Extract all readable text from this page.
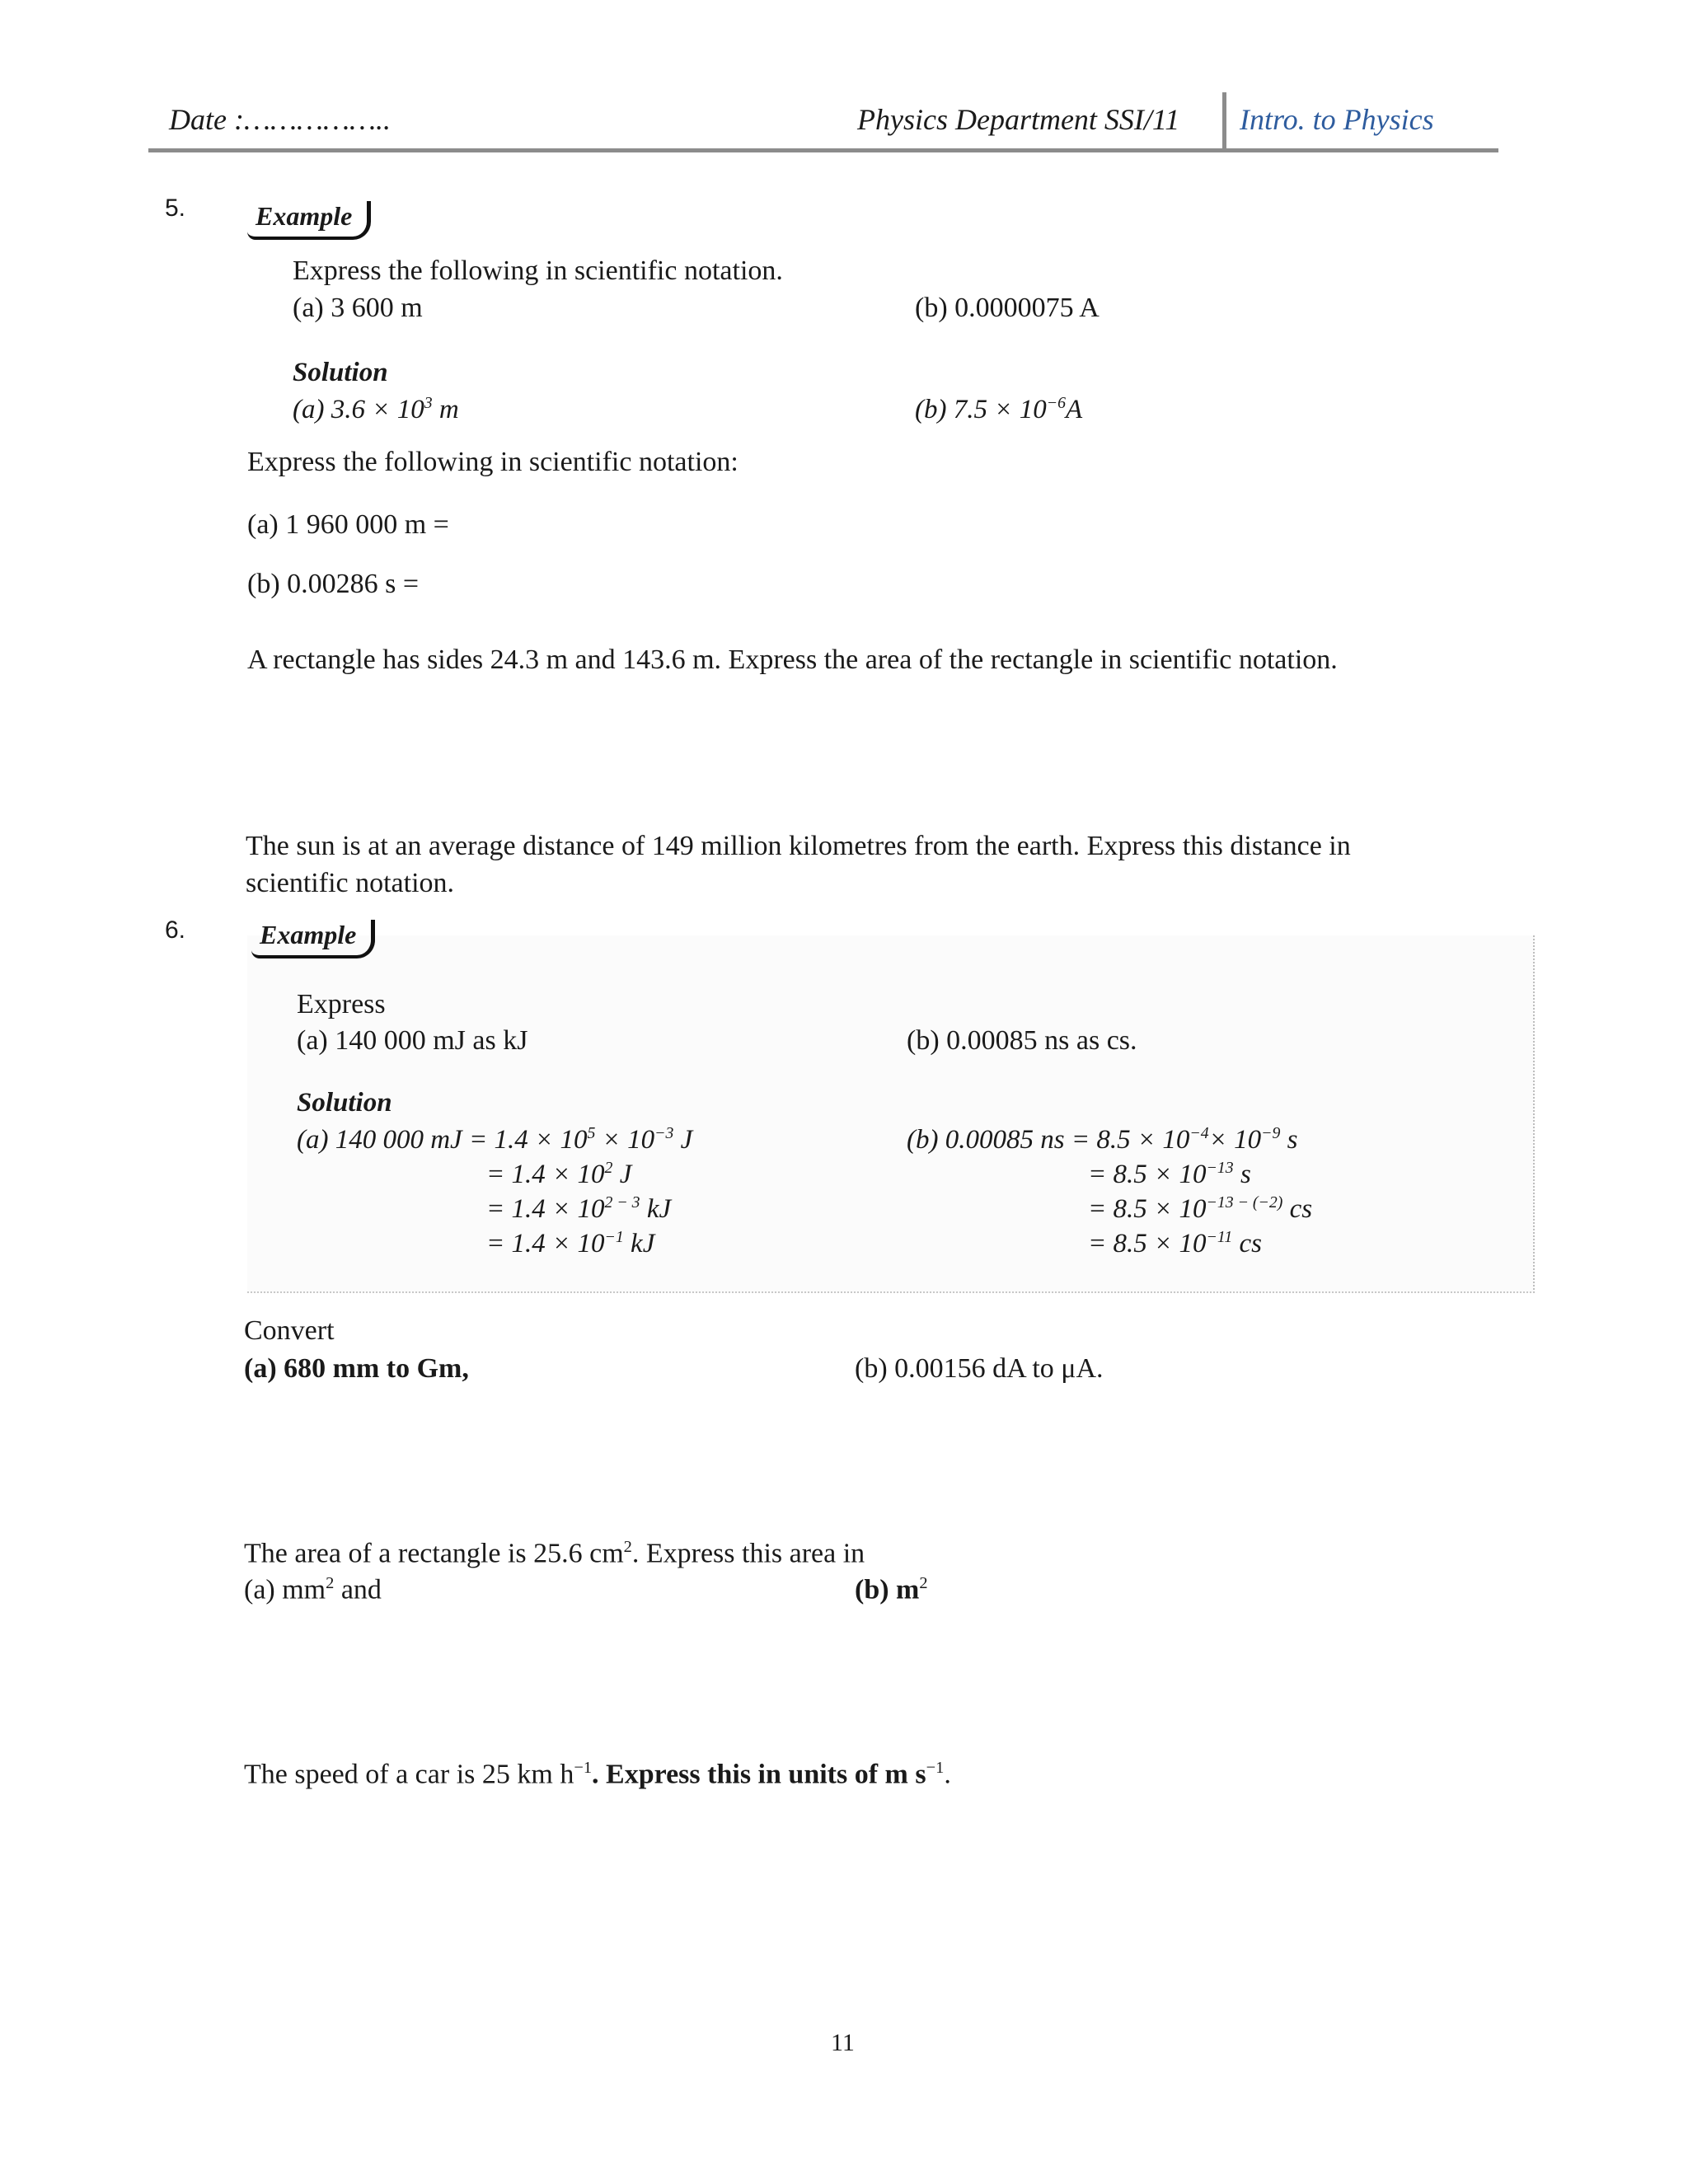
Date :……………..	Physics Department SSI/11 Intro. to Physics
5.	Example
Express the following in scientific notation.
(a) 3 600 m	(b) 0.0000075 A
Solution
(a) $3.6 \times 10^3$ m	(b) $7.5 \times 10^{-6}A$
Express the following in scientific notation:
(a) 1 960 000 m =
(b) 0.00286 s =
A rectangle has sides 24.3 m and 143.6 m. Express the area of the rectangle in scientific notation.
The sun is at an average distance of 149 million kilometres from the earth. Express this distance in
scientific notation.
6.	Example
Express
(a) 140 000 mJ as kJ	(b) 0.00085 ns as cs.
Solution
(a) 140 000 mJ = $1.4 \times 10^5 \times 10^{-3}$ J
= $1.4 \times 10^2$ J
= $1.4 \times 10^{2 - 3}$ kJ
= $1.4 \times 10^{-1}$ kJ
(b) 0.00085 ns = $8.5 \times 10^{-4}\times 10^{-9}$ s
= $8.5 \times 10^{-13}$ s
= $8.5 \times 10^{-13 - (-2)}$ cs
= $8.5 \times 10^{-11}$ cs
Convert
(a) 680 mm to Gm,	(b) 0.00156 dA to μA.
The area of a rectangle is 25.6 $cm^2$. Express this area in
(a) $mm^2$ and	(b) $m^2$
The speed of a car is 25 km $h^{-1}$. Express this in units of m $s^{-1}$.
11
